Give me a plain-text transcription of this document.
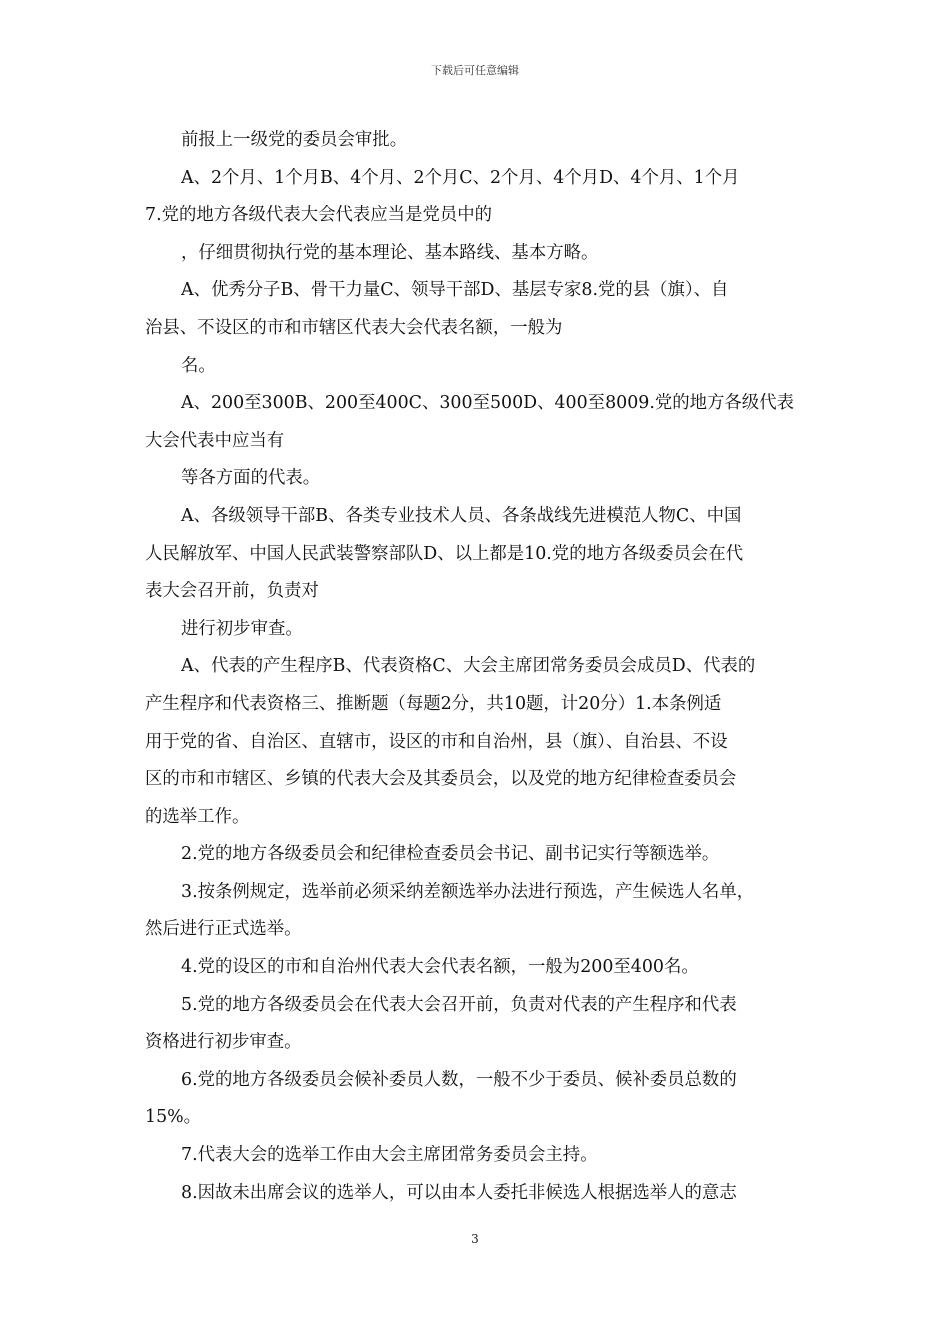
下载后可任意编辑

前报上一级党的委员会审批。

A、2个月、1个月B、4个月、2个月C、2个月、4个月D、4个月、1个月

7.党的地方各级代表大会代表应当是党员中的

，仔细贯彻执行党的基本理论、基本路线、基本方略。

A、优秀分子B、骨干力量C、领导干部D、基层专家8.党的县（旗）、自

治县、不设区的市和市辖区代表大会代表名额，一般为

名。

A、200至300B、200至400C、300至500D、400至8009.党的地方各级代表

大会代表中应当有

等各方面的代表。

A、各级领导干部B、各类专业技术人员、各条战线先进模范人物C、中国

人民解放军、中国人民武装警察部队D、以上都是10.党的地方各级委员会在代

表大会召开前，负责对

进行初步审查。

A、代表的产生程序B、代表资格C、大会主席团常务委员会成员D、代表的

产生程序和代表资格三、推断题（每题2分，共10题，计20分）1.本条例适

用于党的省、自治区、直辖市，设区的市和自治州，县（旗）、自治县、不设

区的市和市辖区、乡镇的代表大会及其委员会，以及党的地方纪律检查委员会

的选举工作。

2.党的地方各级委员会和纪律检查委员会书记、副书记实行等额选举。

3.按条例规定，选举前必须采纳差额选举办法进行预选，产生候选人名单，

然后进行正式选举。

4.党的设区的市和自治州代表大会代表名额，一般为200至400名。

5.党的地方各级委员会在代表大会召开前，负责对代表的产生程序和代表

资格进行初步审查。

6.党的地方各级委员会候补委员人数，一般不少于委员、候补委员总数的

15%。

7.代表大会的选举工作由大会主席团常务委员会主持。

8.因故未出席会议的选举人，可以由本人委托非候选人根据选举人的意志

3
